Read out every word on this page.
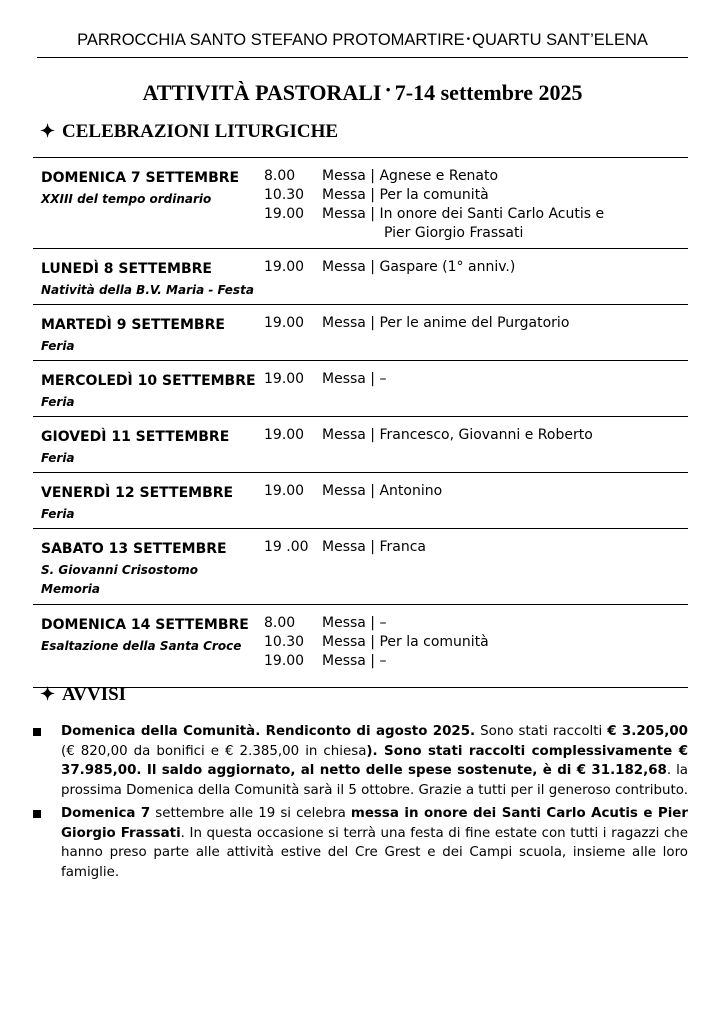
PARROCCHIA SANTO STEFANO PROTOMARTIRE • QUARTU SANT’ELENA
ATTIVITÀ PASTORALI · 7-14 settembre 2025
✦ CELEBRAZIONI LITURGICHE
DOMENICA 7 SETTEMBRE
XXIII del tempo ordinario
8.00 Messa | Agnese e Renato
10.30 Messa | Per la comunità
19.00 Messa | In onore dei Santi Carlo Acutis e
Pier Giorgio Frassati
LUNEDÌ 8 SETTEMBRE
Natività della B.V. Maria - Festa
19.00 Messa | Gaspare (1° anniv.)
MARTEDÌ 9 SETTEMBRE
Feria
19.00 Messa | Per le anime del Purgatorio
MERCOLEDÌ 10 SETTEMBRE
Feria
19.00 Messa | –
GIOVEDÌ 11 SETTEMBRE
Feria
19.00 Messa | Francesco, Giovanni e Roberto
VENERDÌ 12 SETTEMBRE
Feria
19.00 Messa | Antonino
SABATO 13 SETTEMBRE
S. Giovanni Crisostomo
Memoria
19 .00 Messa | Franca
DOMENICA 14 SETTEMBRE
Esaltazione della Santa Croce
8.00 Messa | –
10.30 Messa | Per la comunità
19.00 Messa | –
✦ AVVISI
Domenica della Comunità. Rendiconto di agosto 2025. Sono stati raccolti € 3.205,00 (€ 820,00 da bonifici e € 2.385,00 in chiesa). Sono stati raccolti complessivamente € 37.985,00. Il saldo aggiornato, al netto delle spese sostenute, è di € 31.182,68. la prossima Domenica della Comunità sarà il 5 ottobre. Grazie a tutti per il generoso contributo.
Domenica 7 settembre alle 19 si celebra messa in onore dei Santi Carlo Acutis e Pier Giorgio Frassati. In questa occasione si terrà una festa di fine estate con tutti i ragazzi che hanno preso parte alle attività estive del Cre Grest e dei Campi scuola, insieme alle loro famiglie.
